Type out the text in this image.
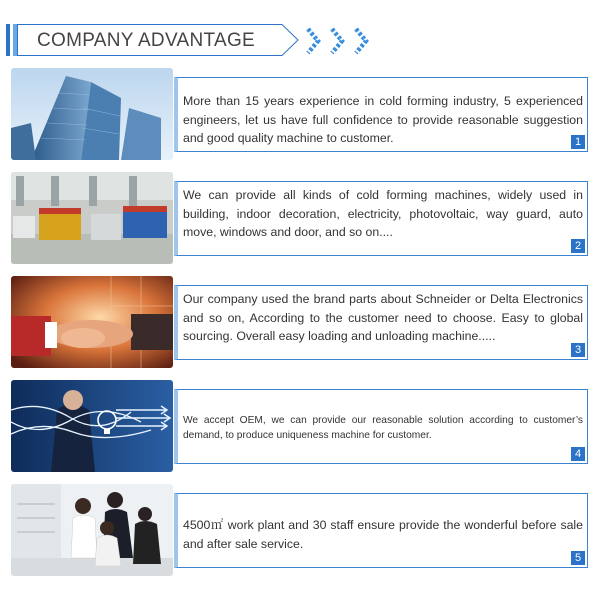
COMPANY ADVANTAGE
More than 15 years experience in cold forming industry, 5 experienced engineers, let us have full confidence to provide reasonable suggestion and good quality machine to customer.	1
We can provide all kinds of cold forming machines, widely used in building, indoor decoration, electricity, photovoltaic, way guard, auto move, windows and door, and so on....
2
Our company used the brand parts about Schneider or Delta Electronics and so on, According to the customer need to choose. Easy to global sourcing. Overall easy loading and unloading machine.....
3
We accept OEM, we can provide our reasonable solution according to customer’s demand, to produce uniqueness machine for customer.
4
4500㎡ work plant and 30 staff ensure provide the wonderful before sale and after sale service.
5
